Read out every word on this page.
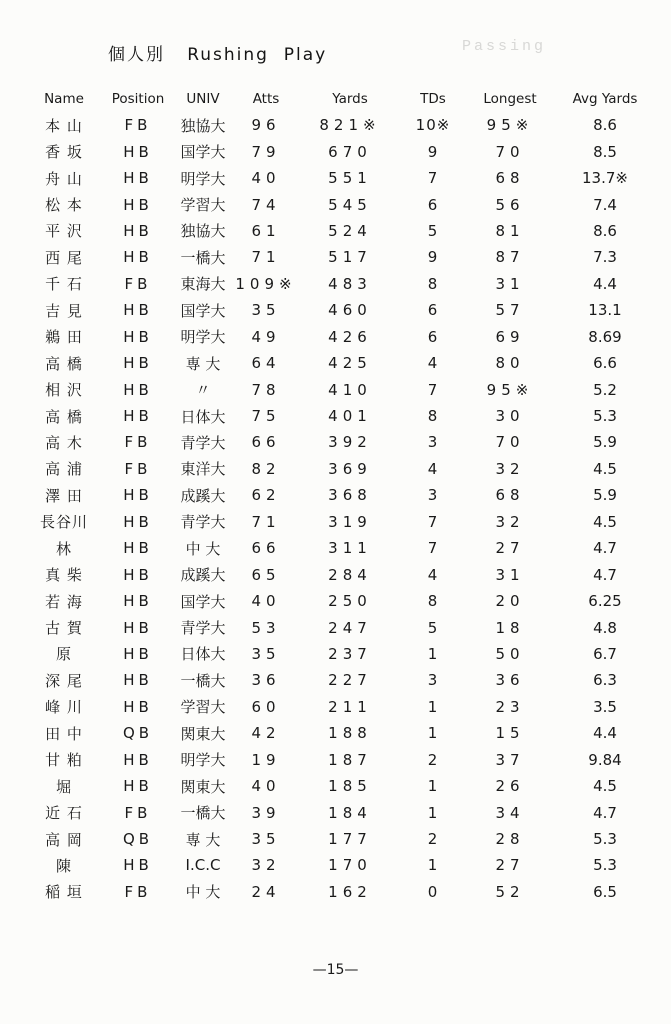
Passing
個人別   Rushing  Play
Name	Position	UNIV	Atts	Yards	TDs	Longest	Avg Yards
本 山	FB	独協大	96	821※	10※	95※	8.6
香 坂	HB	国学大	79	670	9	70	8.5
舟 山	HB	明学大	40	551	7	68	13.7※
松 本	HB	学習大	74	545	6	56	7.4
平 沢	HB	独協大	61	524	5	81	8.6
西 尾	HB	一橋大	71	517	9	87	7.3
千 石	FB	東海大	109※	483	8	31	4.4
吉 見	HB	国学大	35	460	6	57	13.1
鵜 田	HB	明学大	49	426	6	69	8.69
高 橋	HB	専 大	64	425	4	80	6.6
相 沢	HB	〃	78	410	7	95※	5.2
高 橋	HB	日体大	75	401	8	30	5.3
高 木	FB	青学大	66	392	3	70	5.9
高 浦	FB	東洋大	82	369	4	32	4.5
澤 田	HB	成蹊大	62	368	3	68	5.9
長谷川	HB	青学大	71	319	7	32	4.5
林	HB	中 大	66	311	7	27	4.7
真 柴	HB	成蹊大	65	284	4	31	4.7
若 海	HB	国学大	40	250	8	20	6.25
古 賀	HB	青学大	53	247	5	18	4.8
原	HB	日体大	35	237	1	50	6.7
深 尾	HB	一橋大	36	227	3	36	6.3
峰 川	HB	学習大	60	211	1	23	3.5
田 中	QB	関東大	42	188	1	15	4.4
甘 粕	HB	明学大	19	187	2	37	9.84
堀	HB	関東大	40	185	1	26	4.5
近 石	FB	一橋大	39	184	1	34	4.7
高 岡	QB	専 大	35	177	2	28	5.3
陳	HB	I.C.C	32	170	1	27	5.3
稲 垣	FB	中 大	24	162	0	52	6.5
—15—
